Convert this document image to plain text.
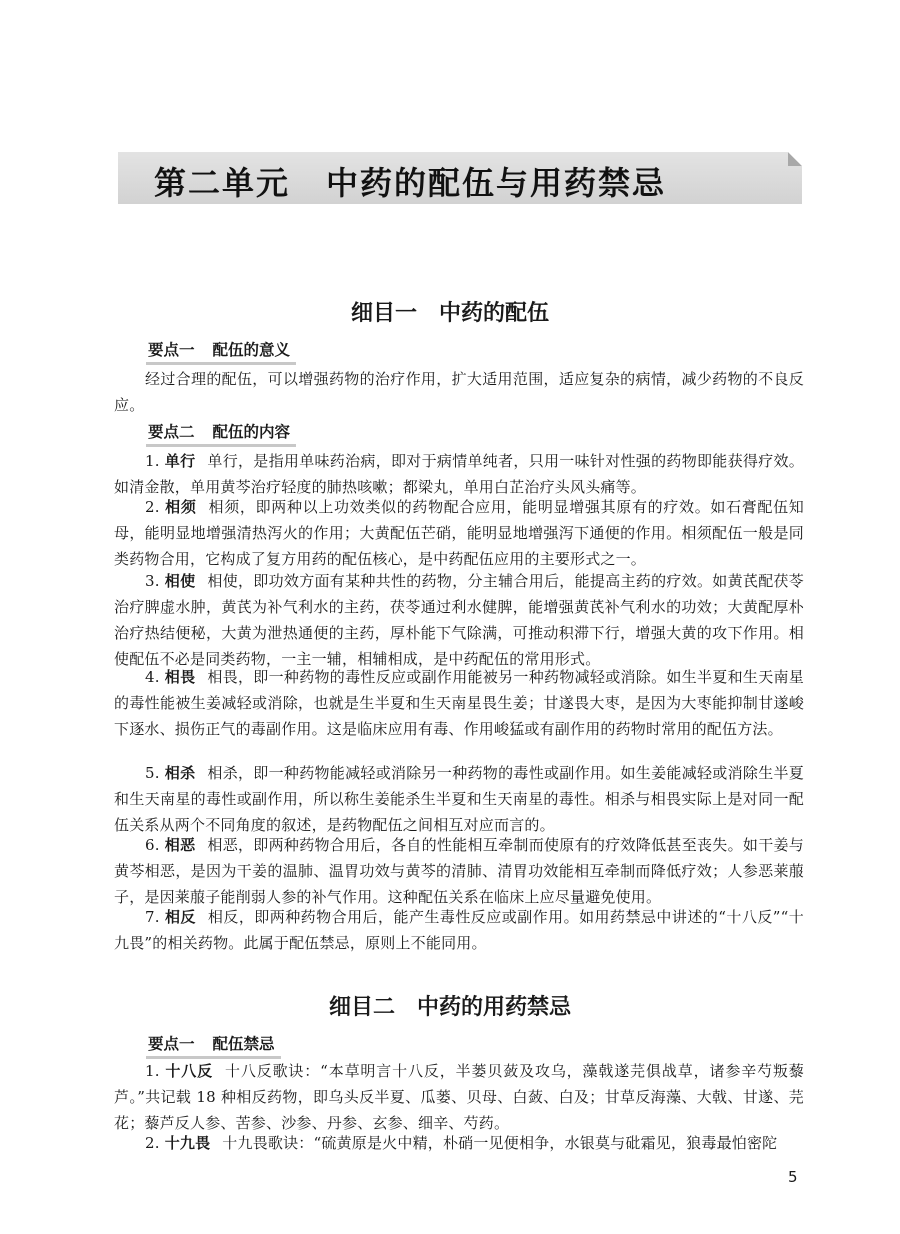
第二单元 中药的配伍与用药禁忌
细目一 中药的配伍
要点一 配伍的意义
经过合理的配伍，可以增强药物的治疗作用，扩大适用范围，适应复杂的病情，减少药物的不良反应。
要点二 配伍的内容
1. 单行 单行，是指用单味药治病，即对于病情单纯者，只用一味针对性强的药物即能获得疗效。如清金散，单用黄芩治疗轻度的肺热咳嗽；都梁丸，单用白芷治疗头风头痛等。
2. 相须 相须，即两种以上功效类似的药物配合应用，能明显增强其原有的疗效。如石膏配伍知母，能明显地增强清热泻火的作用；大黄配伍芒硝，能明显地增强泻下通便的作用。相须配伍一般是同类药物合用，它构成了复方用药的配伍核心，是中药配伍应用的主要形式之一。
3. 相使 相使，即功效方面有某种共性的药物，分主辅合用后，能提高主药的疗效。如黄芪配茯苓治疗脾虚水肿，黄芪为补气利水的主药，茯苓通过利水健脾，能增强黄芪补气利水的功效；大黄配厚朴治疗热结便秘，大黄为泄热通便的主药，厚朴能下气除满，可推动积滞下行，增强大黄的攻下作用。相使配伍不必是同类药物，一主一辅，相辅相成，是中药配伍的常用形式。
4. 相畏 相畏，即一种药物的毒性反应或副作用能被另一种药物减轻或消除。如生半夏和生天南星的毒性能被生姜减轻或消除，也就是生半夏和生天南星畏生姜；甘遂畏大枣，是因为大枣能抑制甘遂峻下逐水、损伤正气的毒副作用。这是临床应用有毒、作用峻猛或有副作用的药物时常用的配伍方法。
5. 相杀 相杀，即一种药物能减轻或消除另一种药物的毒性或副作用。如生姜能减轻或消除生半夏和生天南星的毒性或副作用，所以称生姜能杀生半夏和生天南星的毒性。相杀与相畏实际上是对同一配伍关系从两个不同角度的叙述，是药物配伍之间相互对应而言的。
6. 相恶 相恶，即两种药物合用后，各自的性能相互牵制而使原有的疗效降低甚至丧失。如干姜与黄芩相恶，是因为干姜的温肺、温胃功效与黄芩的清肺、清胃功效能相互牵制而降低疗效；人参恶莱菔子，是因莱菔子能削弱人参的补气作用。这种配伍关系在临床上应尽量避免使用。
7. 相反 相反，即两种药物合用后，能产生毒性反应或副作用。如用药禁忌中讲述的“十八反”“十九畏”的相关药物。此属于配伍禁忌，原则上不能同用。
细目二 中药的用药禁忌
要点一 配伍禁忌
1. 十八反 十八反歌诀：“本草明言十八反，半蒌贝蔹及攻乌，藻戟遂芫俱战草，诸参辛芍叛藜芦。”共记载 18 种相反药物，即乌头反半夏、瓜蒌、贝母、白蔹、白及；甘草反海藻、大戟、甘遂、芫花；藜芦反人参、苦参、沙参、丹参、玄参、细辛、芍药。
2. 十九畏 十九畏歌诀：“硫黄原是火中精，朴硝一见便相争，水银莫与砒霜见，狼毒最怕密陀
5
